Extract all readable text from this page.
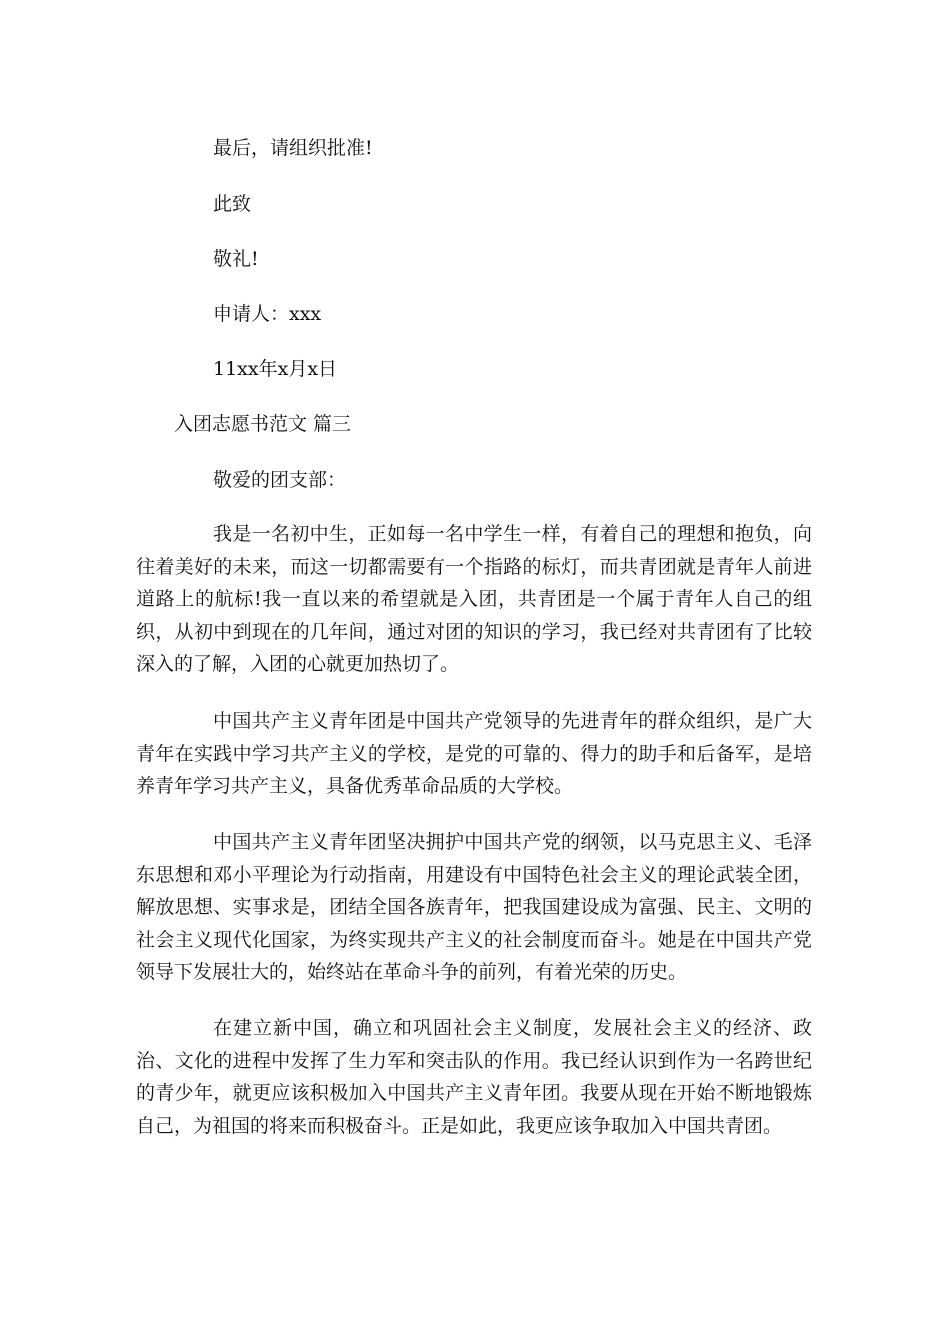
最后，请组织批准!

此致

敬礼!

申请人：xxx

11xx年x月x日

入团志愿书范文 篇三

敬爱的团支部：

我是一名初中生，正如每一名中学生一样，有着自己的理想和抱负，向往着美好的未来，而这一切都需要有一个指路的标灯，而共青团就是青年人前进道路上的航标!我一直以来的希望就是入团，共青团是一个属于青年人自己的组织，从初中到现在的几年间，通过对团的知识的学习，我已经对共青团有了比较深入的了解，入团的心就更加热切了。

中国共产主义青年团是中国共产党领导的先进青年的群众组织，是广大青年在实践中学习共产主义的学校，是党的可靠的、得力的助手和后备军，是培养青年学习共产主义，具备优秀革命品质的大学校。

中国共产主义青年团坚决拥护中国共产党的纲领，以马克思主义、毛泽东思想和邓小平理论为行动指南，用建设有中国特色社会主义的理论武装全团，解放思想、实事求是，团结全国各族青年，把我国建设成为富强、民主、文明的社会主义现代化国家，为终实现共产主义的社会制度而奋斗。她是在中国共产党领导下发展壮大的，始终站在革命斗争的前列，有着光荣的历史。

在建立新中国，确立和巩固社会主义制度，发展社会主义的经济、政治、文化的进程中发挥了生力军和突击队的作用。我已经认识到作为一名跨世纪的青少年，就更应该积极加入中国共产主义青年团。我要从现在开始不断地锻炼自己，为祖国的将来而积极奋斗。正是如此，我更应该争取加入中国共青团。
